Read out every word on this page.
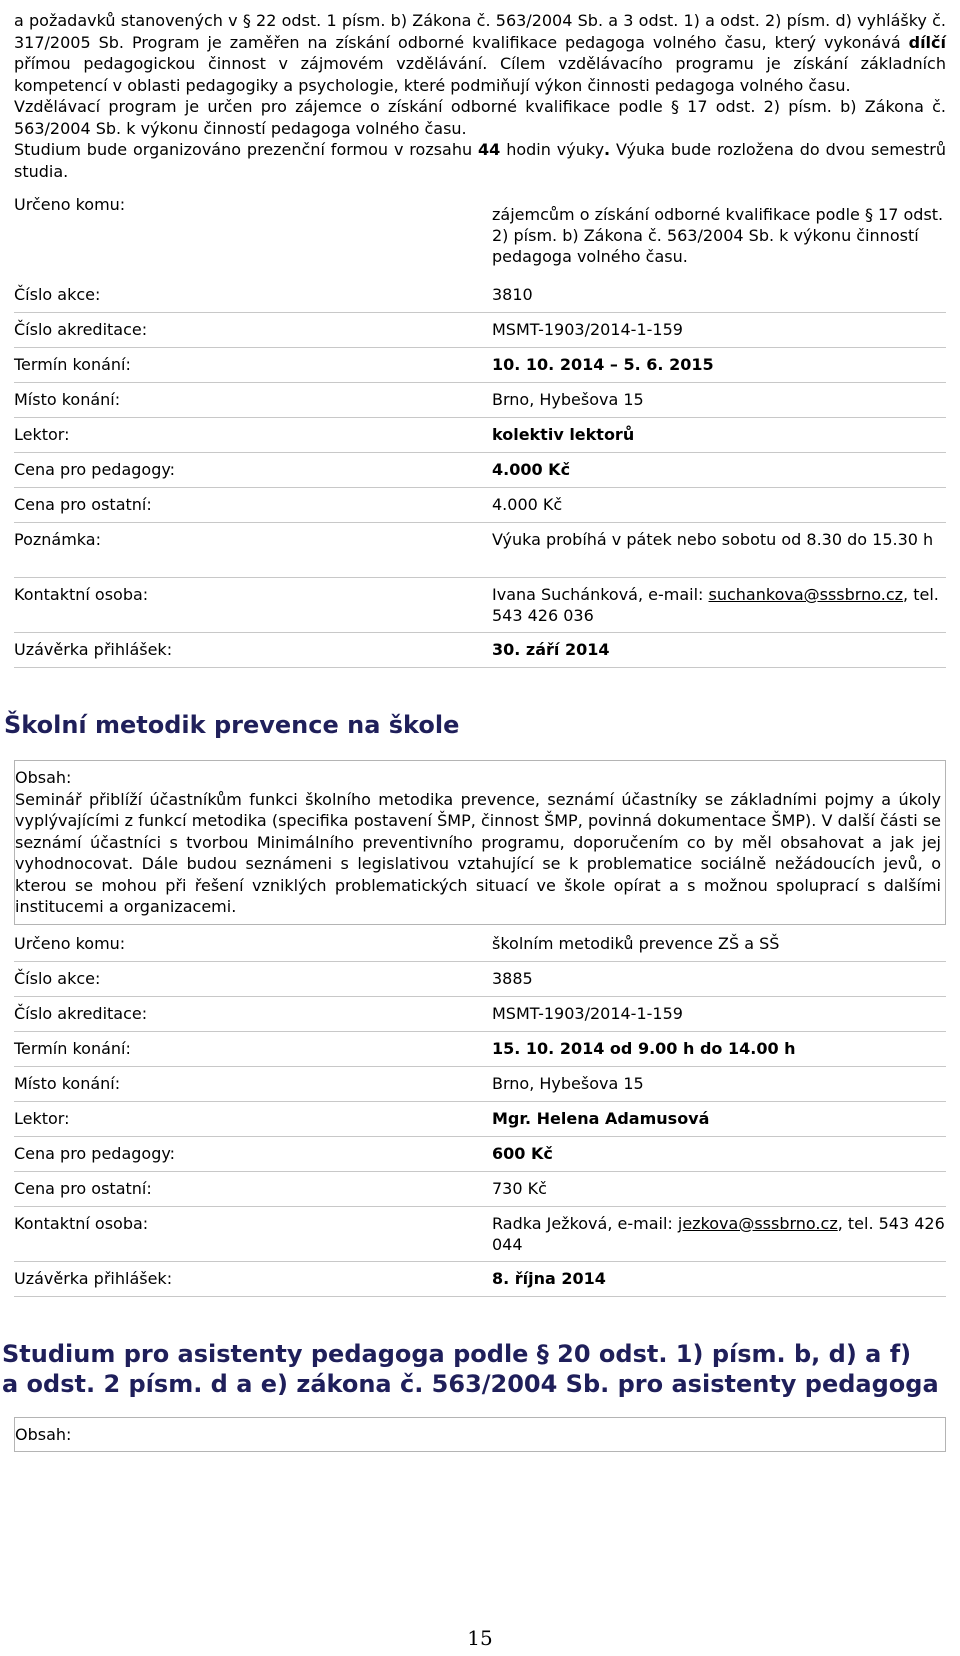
a požadavků stanovených v § 22 odst. 1 písm. b) Zákona č. 563/2004 Sb. a 3 odst. 1) a odst. 2) písm. d) vyhlášky č. 317/2005 Sb. Program je zaměřen na získání odborné kvalifikace pedagoga volného času, který vykonává dílčí přímou pedagogickou činnost v zájmovém vzdělávání. Cílem vzdělávacího programu je získání základních kompetencí v oblasti pedagogiky a psychologie, které podmiňují výkon činnosti pedagoga volného času.

Vzdělávací program je určen pro zájemce o získání odborné kvalifikace podle § 17 odst. 2) písm. b) Zákona č. 563/2004 Sb. k výkonu činností pedagoga volného času.

Studium bude organizováno prezenční formou v rozsahu 44 hodin výuky. Výuka bude rozložena do dvou semestrů studia.

Určeno komu:
zájemcům o získání odborné kvalifikace podle § 17 odst. 2) písm. b) Zákona č. 563/2004 Sb. k výkonu činností pedagoga volného času.
Číslo akce:	3810
Číslo akreditace:	MSMT-1903/2014-1-159
Termín konání:	10. 10. 2014 – 5. 6. 2015
Místo konání:	Brno, Hybešova 15
Lektor:	kolektiv lektorů
Cena pro pedagogy:	4.000 Kč
Cena pro ostatní:	4.000 Kč
Poznámka:	Výuka probíhá v pátek nebo sobotu od 8.30 do 15.30 h
Kontaktní osoba:	Ivana Suchánková, e-mail: suchankova@sssbrno.cz, tel. 543 426 036
Uzávěrka přihlášek:	30. září 2014
Školní metodik prevence na škole

Obsah:

Seminář přiblíží účastníkům funkci školního metodika prevence, seznámí účastníky se základními pojmy a úkoly vyplývajícími z funkcí metodika (specifika postavení ŠMP, činnost ŠMP, povinná dokumentace ŠMP). V další části se seznámí účastníci s tvorbou Minimálního preventivního programu, doporučením co by měl obsahovat a jak jej vyhodnocovat. Dále budou seznámeni s legislativou vztahující se k problematice sociálně nežádoucích jevů, o kterou se mohou při řešení vzniklých problematických situací ve škole opírat a s možnou spoluprací s dalšími institucemi a organizacemi.

Určeno komu:	školním metodiků prevence ZŠ a SŠ
Číslo akce:	3885
Číslo akreditace:	MSMT-1903/2014-1-159
Termín konání:	15. 10. 2014 od 9.00 h do 14.00 h
Místo konání:	Brno, Hybešova 15
Lektor:	Mgr. Helena Adamusová
Cena pro pedagogy:	600 Kč
Cena pro ostatní:	730 Kč
Kontaktní osoba:	Radka Ježková, e-mail: jezkova@sssbrno.cz, tel. 543 426 044
Uzávěrka přihlášek:	8. října 2014
Studium pro asistenty pedagoga podle § 20 odst. 1) písm. b, d) a f)
a odst. 2 písm. d a e) zákona č. 563/2004 Sb. pro asistenty pedagoga

Obsah:

15
